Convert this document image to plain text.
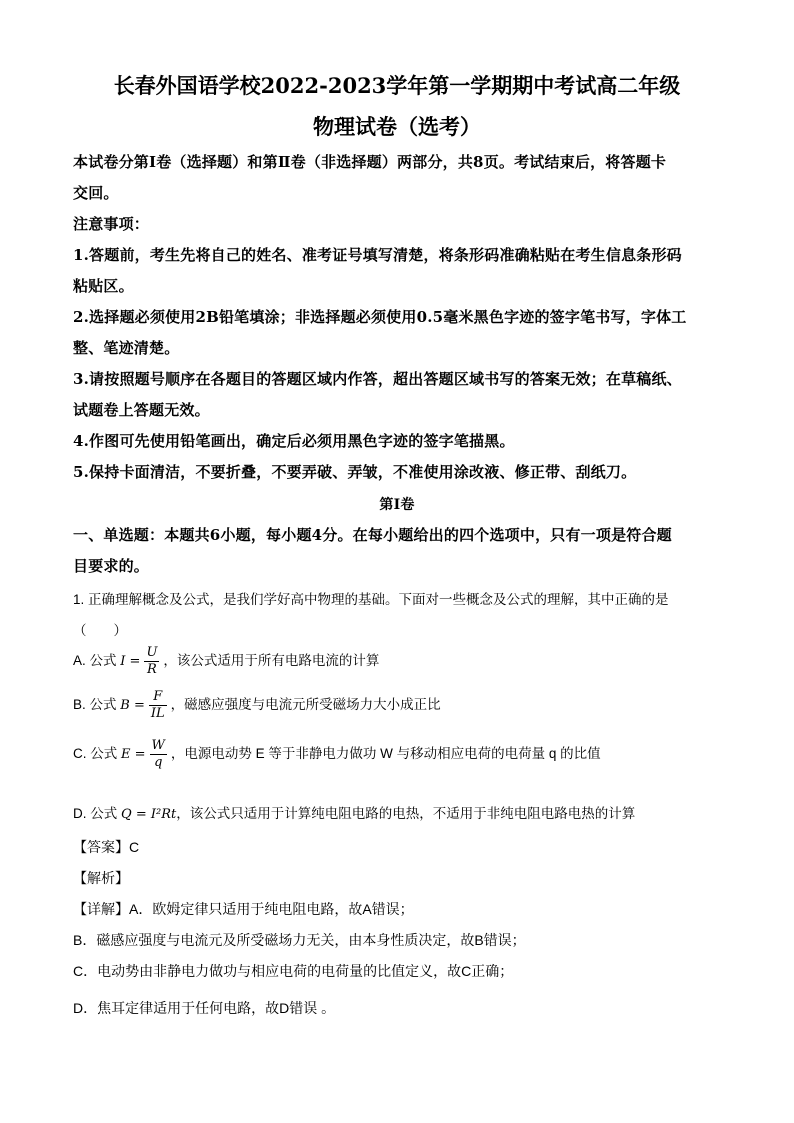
长春外国语学校2022-2023学年第一学期期中考试高二年级
物理试卷（选考）
本试卷分第Ⅰ卷（选择题）和第Ⅱ卷（非选择题）两部分，共8页。考试结束后，将答题卡
交回。
注意事项：
1.答题前，考生先将自己的姓名、准考证号填写清楚，将条形码准确粘贴在考生信息条形码
粘贴区。
2.选择题必须使用2B铅笔填涂；非选择题必须使用0.5毫米黑色字迹的签字笔书写，字体工
整、笔迹清楚。
3.请按照题号顺序在各题目的答题区域内作答，超出答题区域书写的答案无效；在草稿纸、
试题卷上答题无效。
4.作图可先使用铅笔画出，确定后必须用黑色字迹的签字笔描黑。
5.保持卡面清洁，不要折叠，不要弄破、弄皱，不准使用涂改液、修正带、刮纸刀。
第Ⅰ卷
一、单选题：本题共6小题，每小题4分。在每小题给出的四个选项中，只有一项是符合题
目要求的。
1. 正确理解概念及公式，是我们学好高中物理的基础。下面对一些概念及公式的理解，其中正确的是
（　　）
A. 公式 $I = \frac{U}{R}$ ，该公式适用于所有电路电流的计算
B. 公式 $B = \frac{F}{IL}$ ，磁感应强度与电流元所受磁场力大小成正比
C. 公式 $E = \frac{W}{q}$ ，电源电动势 E 等于非静电力做功 W 与移动相应电荷的电荷量 q 的比值
D. 公式 Q = I²Rt，该公式只适用于计算纯电阻电路的电热，不适用于非纯电阻电路电热的计算
【答案】C
【解析】
【详解】A．欧姆定律只适用于纯电阻电路，故A错误；
B．磁感应强度与电流元及所受磁场力无关，由本身性质决定，故B错误；
C．电动势由非静电力做功与相应电荷的电荷量的比值定义，故C正确；
D．焦耳定律适用于任何电路，故D错误 。
